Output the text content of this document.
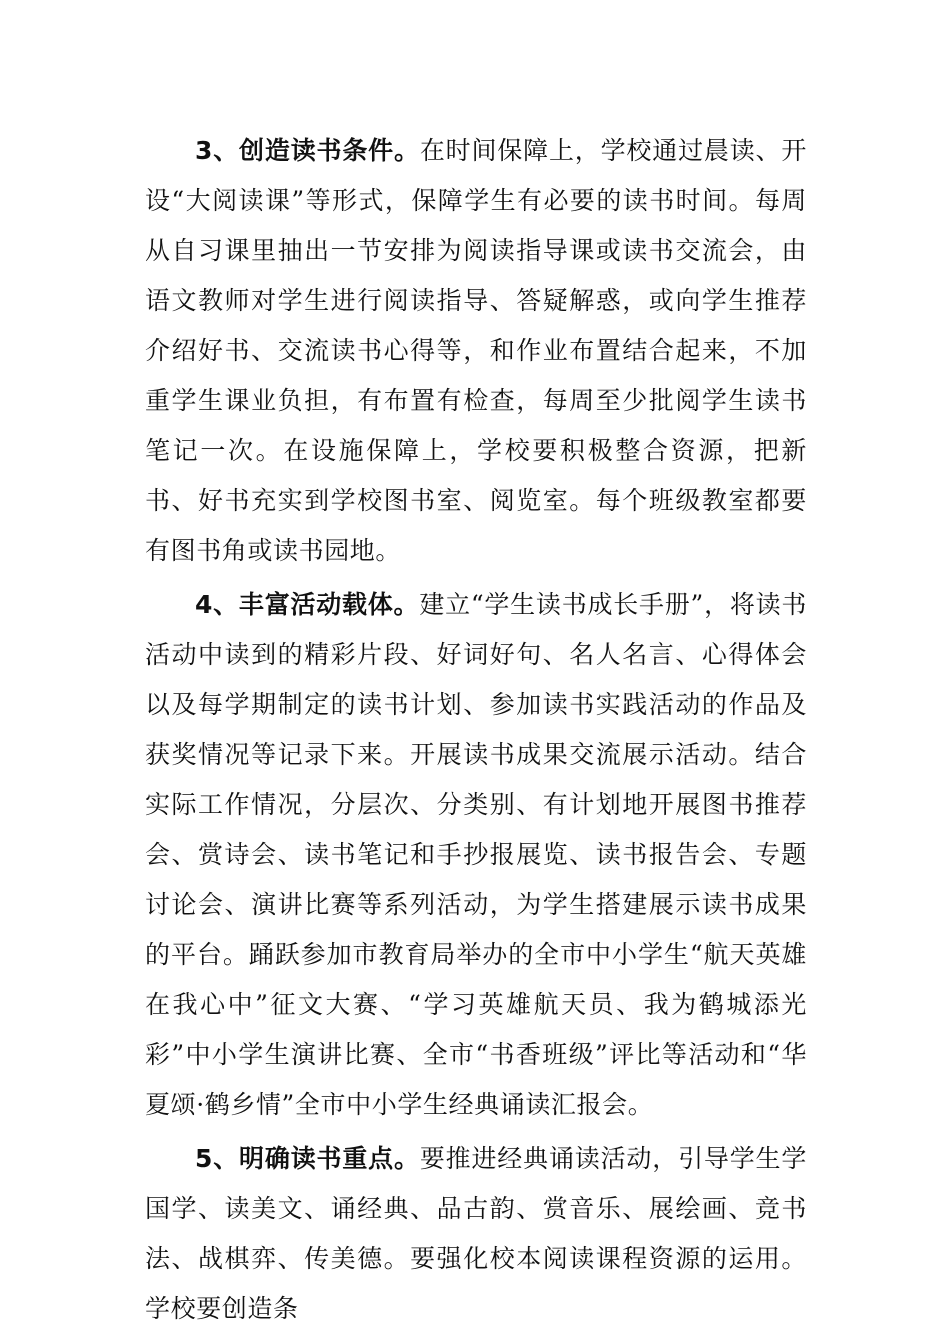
3、创造读书条件。在时间保障上，学校通过晨读、开设“大阅读课”等形式，保障学生有必要的读书时间。每周从自习课里抽出一节安排为阅读指导课或读书交流会，由语文教师对学生进行阅读指导、答疑解惑，或向学生推荐介绍好书、交流读书心得等，和作业布置结合起来，不加重学生课业负担，有布置有检查，每周至少批阅学生读书笔记一次。在设施保障上，学校要积极整合资源，把新书、好书充实到学校图书室、阅览室。每个班级教室都要有图书角或读书园地。

4、丰富活动载体。建立“学生读书成长手册”，将读书活动中读到的精彩片段、好词好句、名人名言、心得体会以及每学期制定的读书计划、参加读书实践活动的作品及获奖情况等记录下来。开展读书成果交流展示活动。结合实际工作情况，分层次、分类别、有计划地开展图书推荐会、赏诗会、读书笔记和手抄报展览、读书报告会、专题讨论会、演讲比赛等系列活动，为学生搭建展示读书成果的平台。踊跃参加市教育局举办的全市中小学生“航天英雄在我心中”征文大赛、“学习英雄航天员、我为鹤城添光彩”中小学生演讲比赛、全市“书香班级”评比等活动和“华夏颂·鹤乡情”全市中小学生经典诵读汇报会。

5、明确读书重点。要推进经典诵读活动，引导学生学国学、读美文、诵经典、品古韵、赏音乐、展绘画、竞书法、战棋弈、传美德。要强化校本阅读课程资源的运用。学校要创造条
